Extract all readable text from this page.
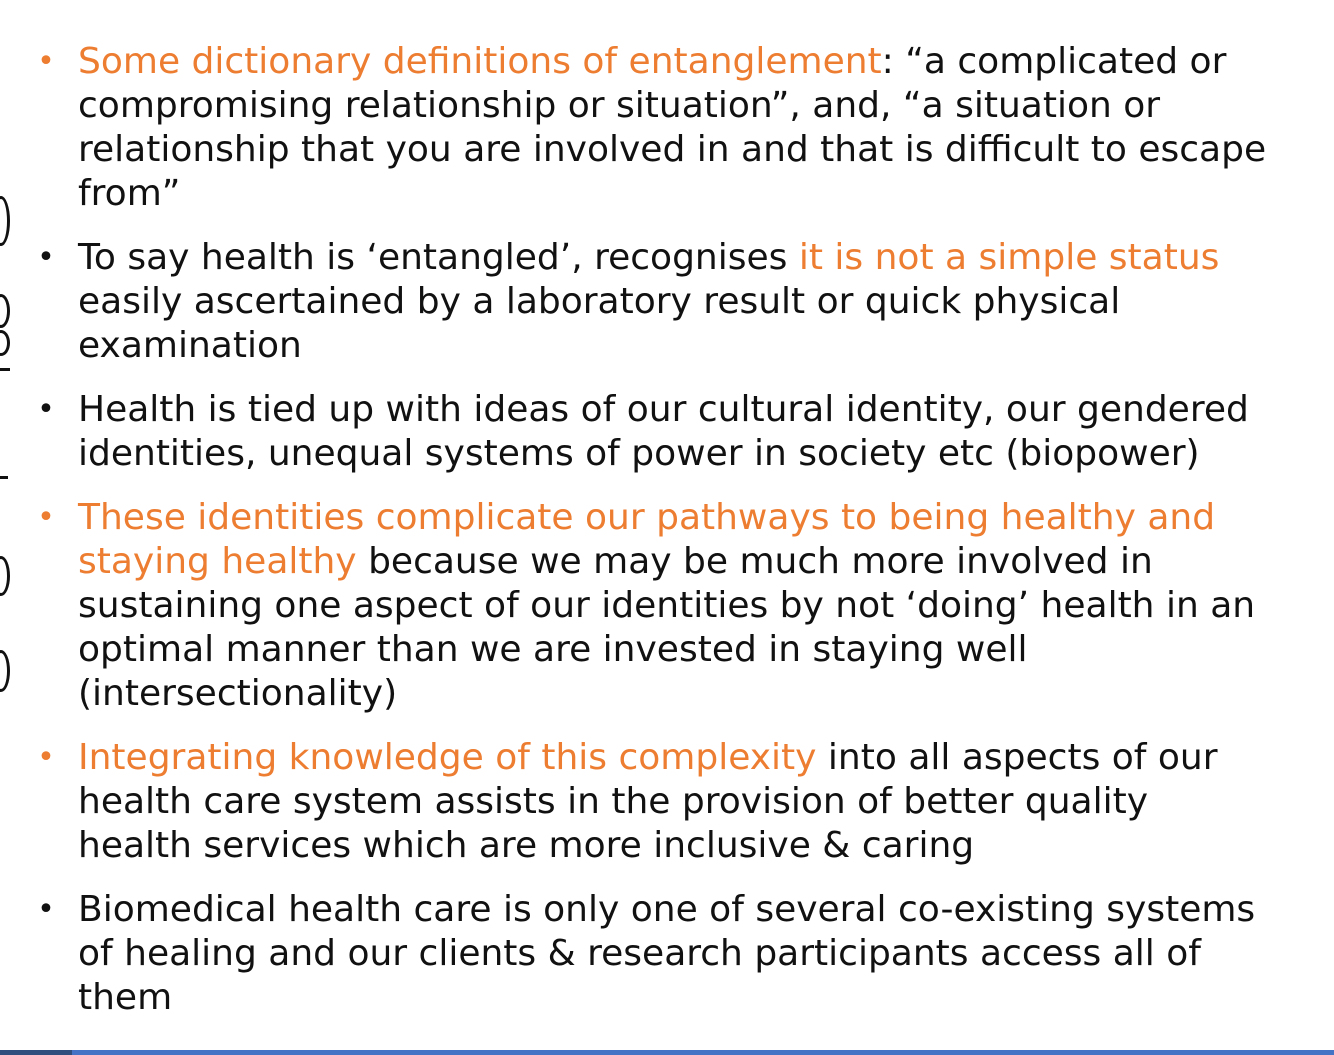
• Some dictionary definitions of entanglement: “a complicated or compromising relationship or situation”, and, “a situation or relationship that you are involved in and that is difficult to escape from”
• To say health is ‘entangled’, recognises it is not a simple status easily ascertained by a laboratory result or quick physical examination
• Health is tied up with ideas of our cultural identity, our gendered identities, unequal systems of power in society etc (biopower)
• These identities complicate our pathways to being healthy and staying healthy because we may be much more involved in sustaining one aspect of our identities by not ‘doing’ health in an optimal manner than we are invested in staying well (intersectionality)
• Integrating knowledge of this complexity into all aspects of our health care system assists in the provision of better quality health services which are more inclusive & caring
• Biomedical health care is only one of several co-existing systems of healing and our clients & research participants access all of them
